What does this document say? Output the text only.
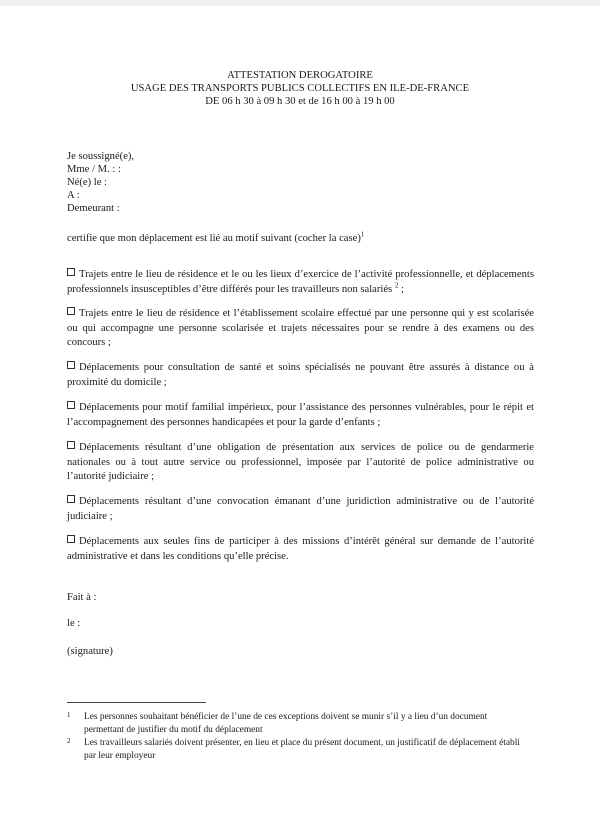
ATTESTATION DEROGATOIRE
USAGE DES TRANSPORTS PUBLICS COLLECTIFS EN ILE-DE-FRANCE
DE 06 h 30 à 09 h 30 et de 16 h 00 à 19 h 00
Je soussigné(e),
Mme / M. : :
Né(e) le :
A :
Demeurant :
certifie que mon déplacement est lié au motif suivant (cocher la case)$^1$
Trajets entre le lieu de résidence et le ou les lieux d’exercice de l’activité professionnelle, et déplacements professionnels insusceptibles d’être différés pour les travailleurs non salariés $^2$ ;
Trajets entre le lieu de résidence et l’établissement scolaire effectué par une personne qui y est scolarisée ou qui accompagne une personne scolarisée et trajets nécessaires pour se rendre à des examens ou des concours ;
Déplacements pour consultation de santé et soins spécialisés ne pouvant être assurés à distance ou à proximité du domicile ;
Déplacements pour motif familial impérieux, pour l’assistance des personnes vulnérables, pour le répit et l’accompagnement des personnes handicapées et pour la garde d’enfants ;
Déplacements résultant d’une obligation de présentation aux services de police ou de gendarmerie nationales ou à tout autre service ou professionnel, imposée par l’autorité de police administrative ou l’autorité judiciaire ;
Déplacements résultant d’une convocation émanant d’une juridiction administrative ou de l’autorité judiciaire ;
Déplacements aux seules fins de participer à des missions d’intérêt général sur demande de l’autorité administrative et dans les conditions qu’elle précise.
Fait à :
le :
(signature)
1	Les personnes souhaitant bénéficier de l’une de ces exceptions doivent se munir s’il y a lieu d’un document permettant de justifier du motif du déplacement
2	Les travailleurs salariés doivent présenter, en lieu et place du présent document, un justificatif de déplacement établi par leur employeur
